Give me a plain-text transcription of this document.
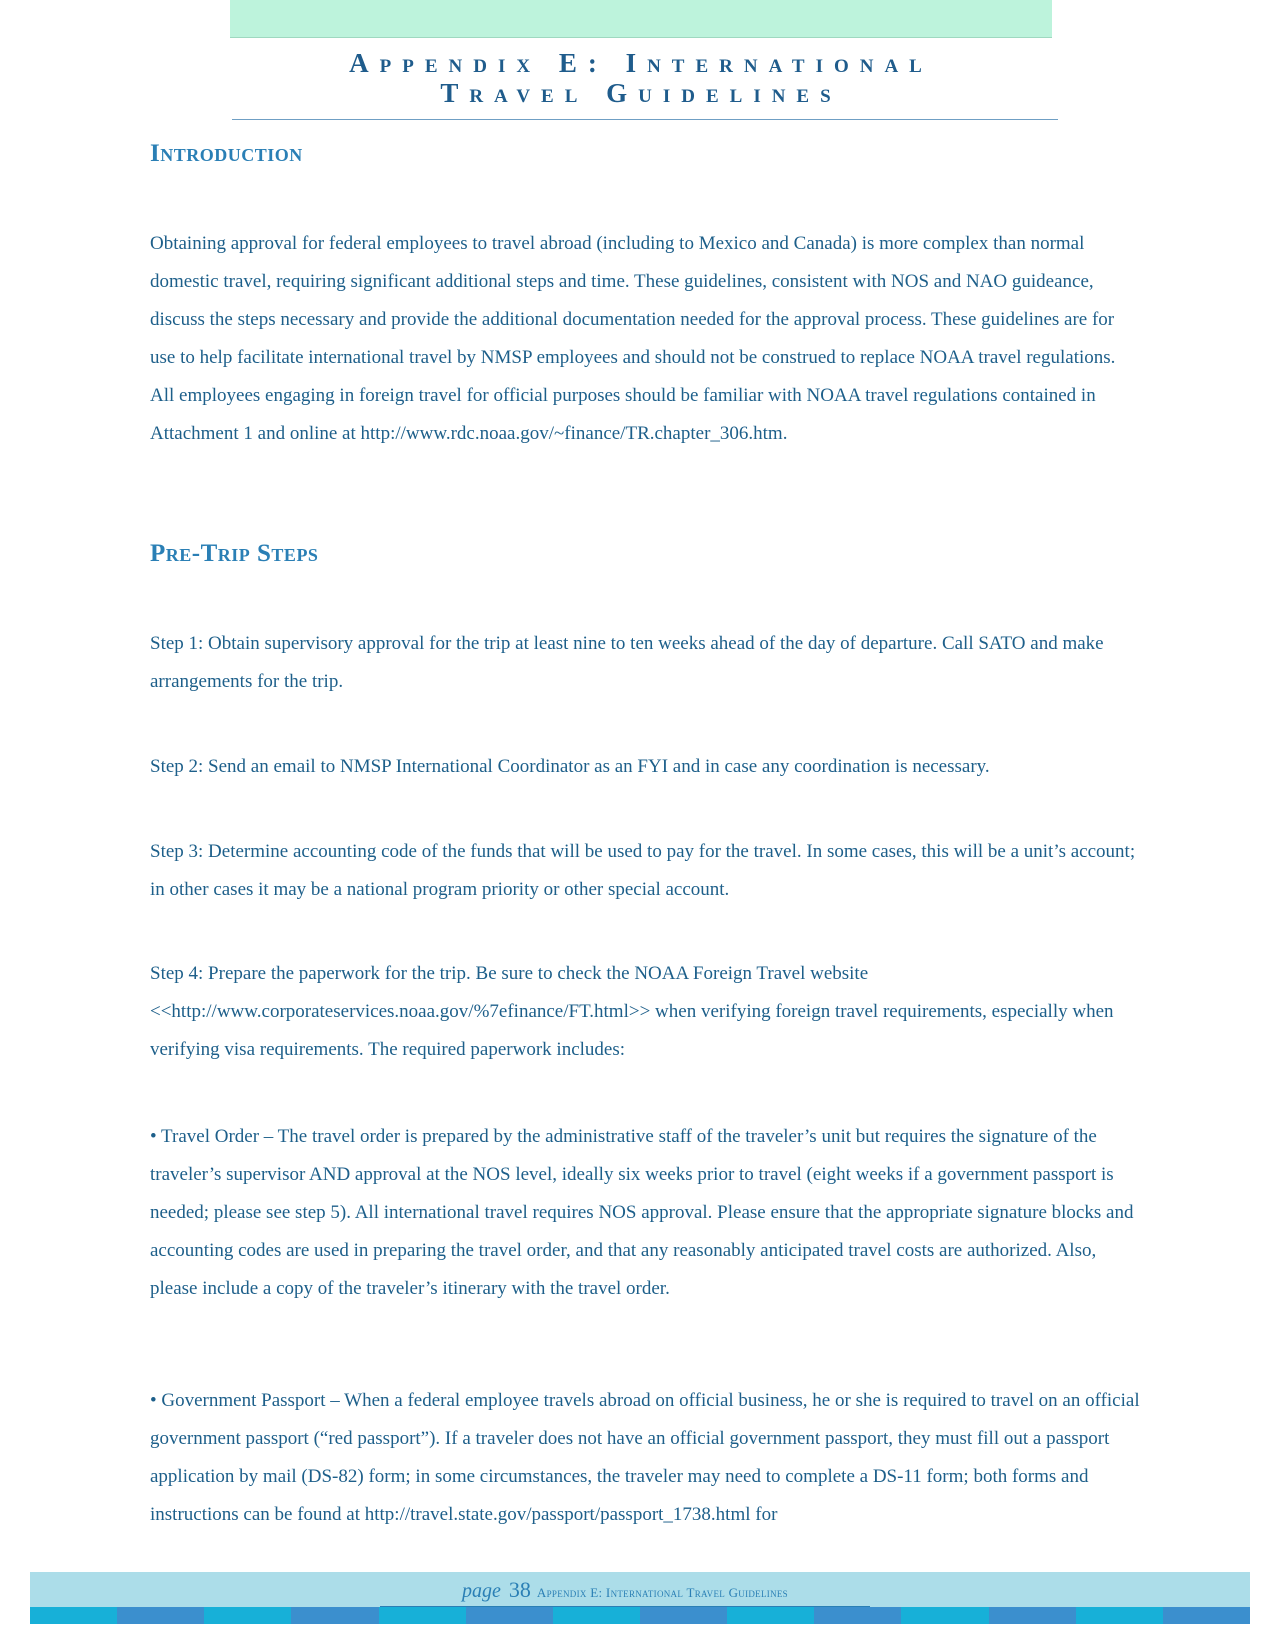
Appendix E: International
Travel Guidelines
Introduction

Obtaining approval for federal employees to travel abroad (including to Mexico and Canada) is more complex than normal domestic travel, requiring significant additional steps and time. These guidelines, consistent with NOS and NAO guideance, discuss the steps necessary and provide the additional documentation needed for the approval process. These guidelines are for use to help facilitate international travel by NMSP employees and should not be construed to replace NOAA travel regulations. All employees engaging in foreign travel for official purposes should be familiar with NOAA travel regulations contained in Attachment 1 and online at http://www.rdc.noaa.gov/~finance/TR.chapter_306.htm.

Pre-Trip Steps

Step 1: Obtain supervisory approval for the trip at least nine to ten weeks ahead of the day of departure. Call SATO and make arrangements for the trip.

Step 2: Send an email to NMSP International Coordinator as an FYI and in case any coordination is necessary.

Step 3: Determine accounting code of the funds that will be used to pay for the travel. In some cases, this will be a unit’s account; in other cases it may be a national program priority or other special account.

Step 4: Prepare the paperwork for the trip. Be sure to check the NOAA Foreign Travel website <<http://www.corporateservices.noaa.gov/%7efinance/FT.html>> when verifying foreign travel requirements, especially when verifying visa requirements. The required paperwork includes:

• Travel Order – The travel order is prepared by the administrative staff of the traveler’s unit but requires the signature of the traveler’s supervisor AND approval at the NOS level, ideally six weeks prior to travel (eight weeks if a government passport is needed; please see step 5). All international travel requires NOS approval. Please ensure that the appropriate signature blocks and accounting codes are used in preparing the travel order, and that any reasonably anticipated travel costs are authorized. Also, please include a copy of the traveler’s itinerary with the travel order.

• Government Passport – When a federal employee travels abroad on official business, he or she is required to travel on an official government passport (“red passport”). If a traveler does not have an official government passport, they must fill out a passport application by mail (DS-82) form; in some circumstances, the traveler may need to complete a DS-11 form; both forms and instructions can be found at http://travel.state.gov/passport/passport_1738.html for

page 38 Appendix E: International Travel Guidelines
